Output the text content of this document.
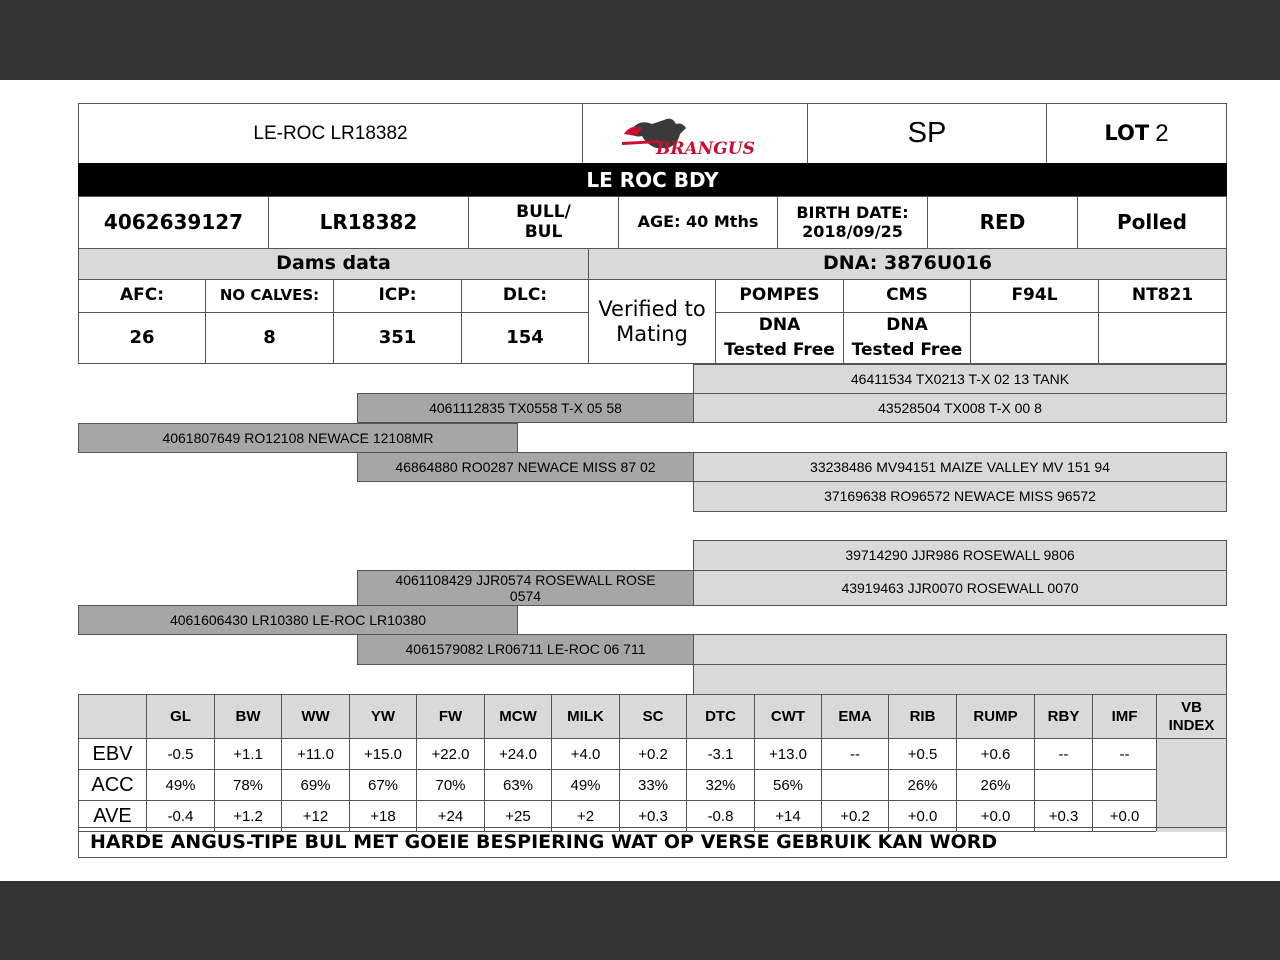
LE-ROC LR18382
BRANGUS	SP	LOT
2
LE ROC BDY
4062639127	LR18382	BULL/
BUL	AGE: 40 Mths	BIRTH DATE:
2018/09/25	RED	Polled
Dams data	DNA: 3876U016
AFC:	NO CALVES:	ICP:	DLC:
26	8	351	154
Verified to
Mating
POMPES	CMS	F94L	NT821
DNA
Tested Free
DNA
Tested Free
46411534 TX0213 T-X 02 13 TANK
4061112835 TX0558 T-X 05 58	43528504 TX008 T-X 00 8
4061807649 RO12108 NEWACE 12108MR
46864880 RO0287 NEWACE MISS 87 02	33238486 MV94151 MAIZE VALLEY MV 151 94
37169638 RO96572 NEWACE MISS 96572
39714290 JJR986 ROSEWALL 9806
4061108429 JJR0574 ROSEWALL ROSE 0574
43919463 JJR0070 ROSEWALL 0070
4061606430 LR10380 LE-ROC LR10380
4061579082 LR06711 LE-ROC 06 711
	GL	BW	WW	YW	FW	MCW	MILK	SC	DTC	CWT	EMA	RIB	RUMP	RBY	IMF	VB
INDEX

EBV	-0.5	+1.1	+11.0	+15.0	+22.0	+24.0	+4.0	+0.2	-3.1	+13.0	--	+0.5	+0.6	--	--	
ACC	49%	78%	69%	67%	70%	63%	49%	33%	32%	56%		26%	26%			
AVE	-0.4	+1.2	+12	+18	+24	+25	+2	+0.3	-0.8	+14	+0.2	+0.0	+0.0	+0.3	+0.0	
HARDE ANGUS-TIPE BUL MET GOEIE BESPIERING WAT OP VERSE GEBRUIK KAN WORD
